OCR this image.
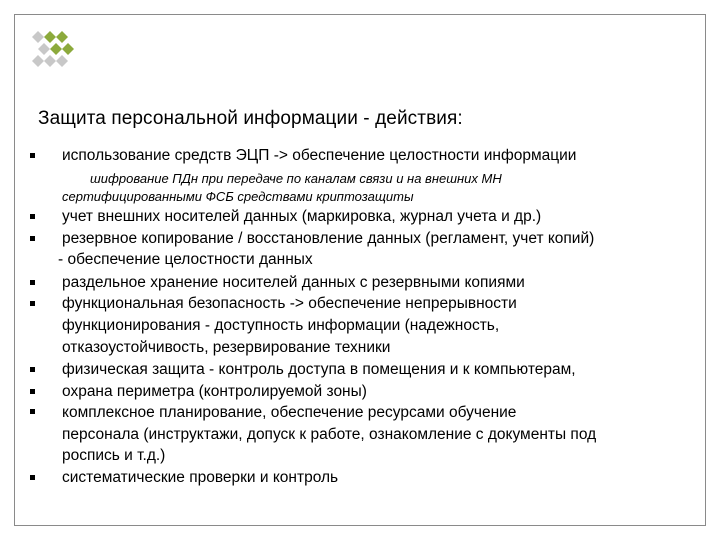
Защита персональной информации - действия:
использование средств ЭЦП -> обеспечение целостности информации
шифрование ПДн при передаче по каналам связи и на внешних МН
сертифицированными ФСБ средствами криптозащиты
учет внешних носителей данных (маркировка, журнал учета и др.)
резервное копирование / восстановление данных (регламент, учет копий)
- обеспечение целостности данных
раздельное хранение носителей данных с резервными копиями
функциональная безопасность -> обеспечение непрерывности
функционирования - доступность информации (надежность,
отказоустойчивость, резервирование техники
физическая защита - контроль доступа в помещения и к компьютерам,
охрана периметра (контролируемой зоны)
комплексное планирование, обеспечение ресурсами обучение
персонала (инструктажи, допуск к работе, ознакомление с документы под
роспись и т.д.)
систематические проверки и контроль
